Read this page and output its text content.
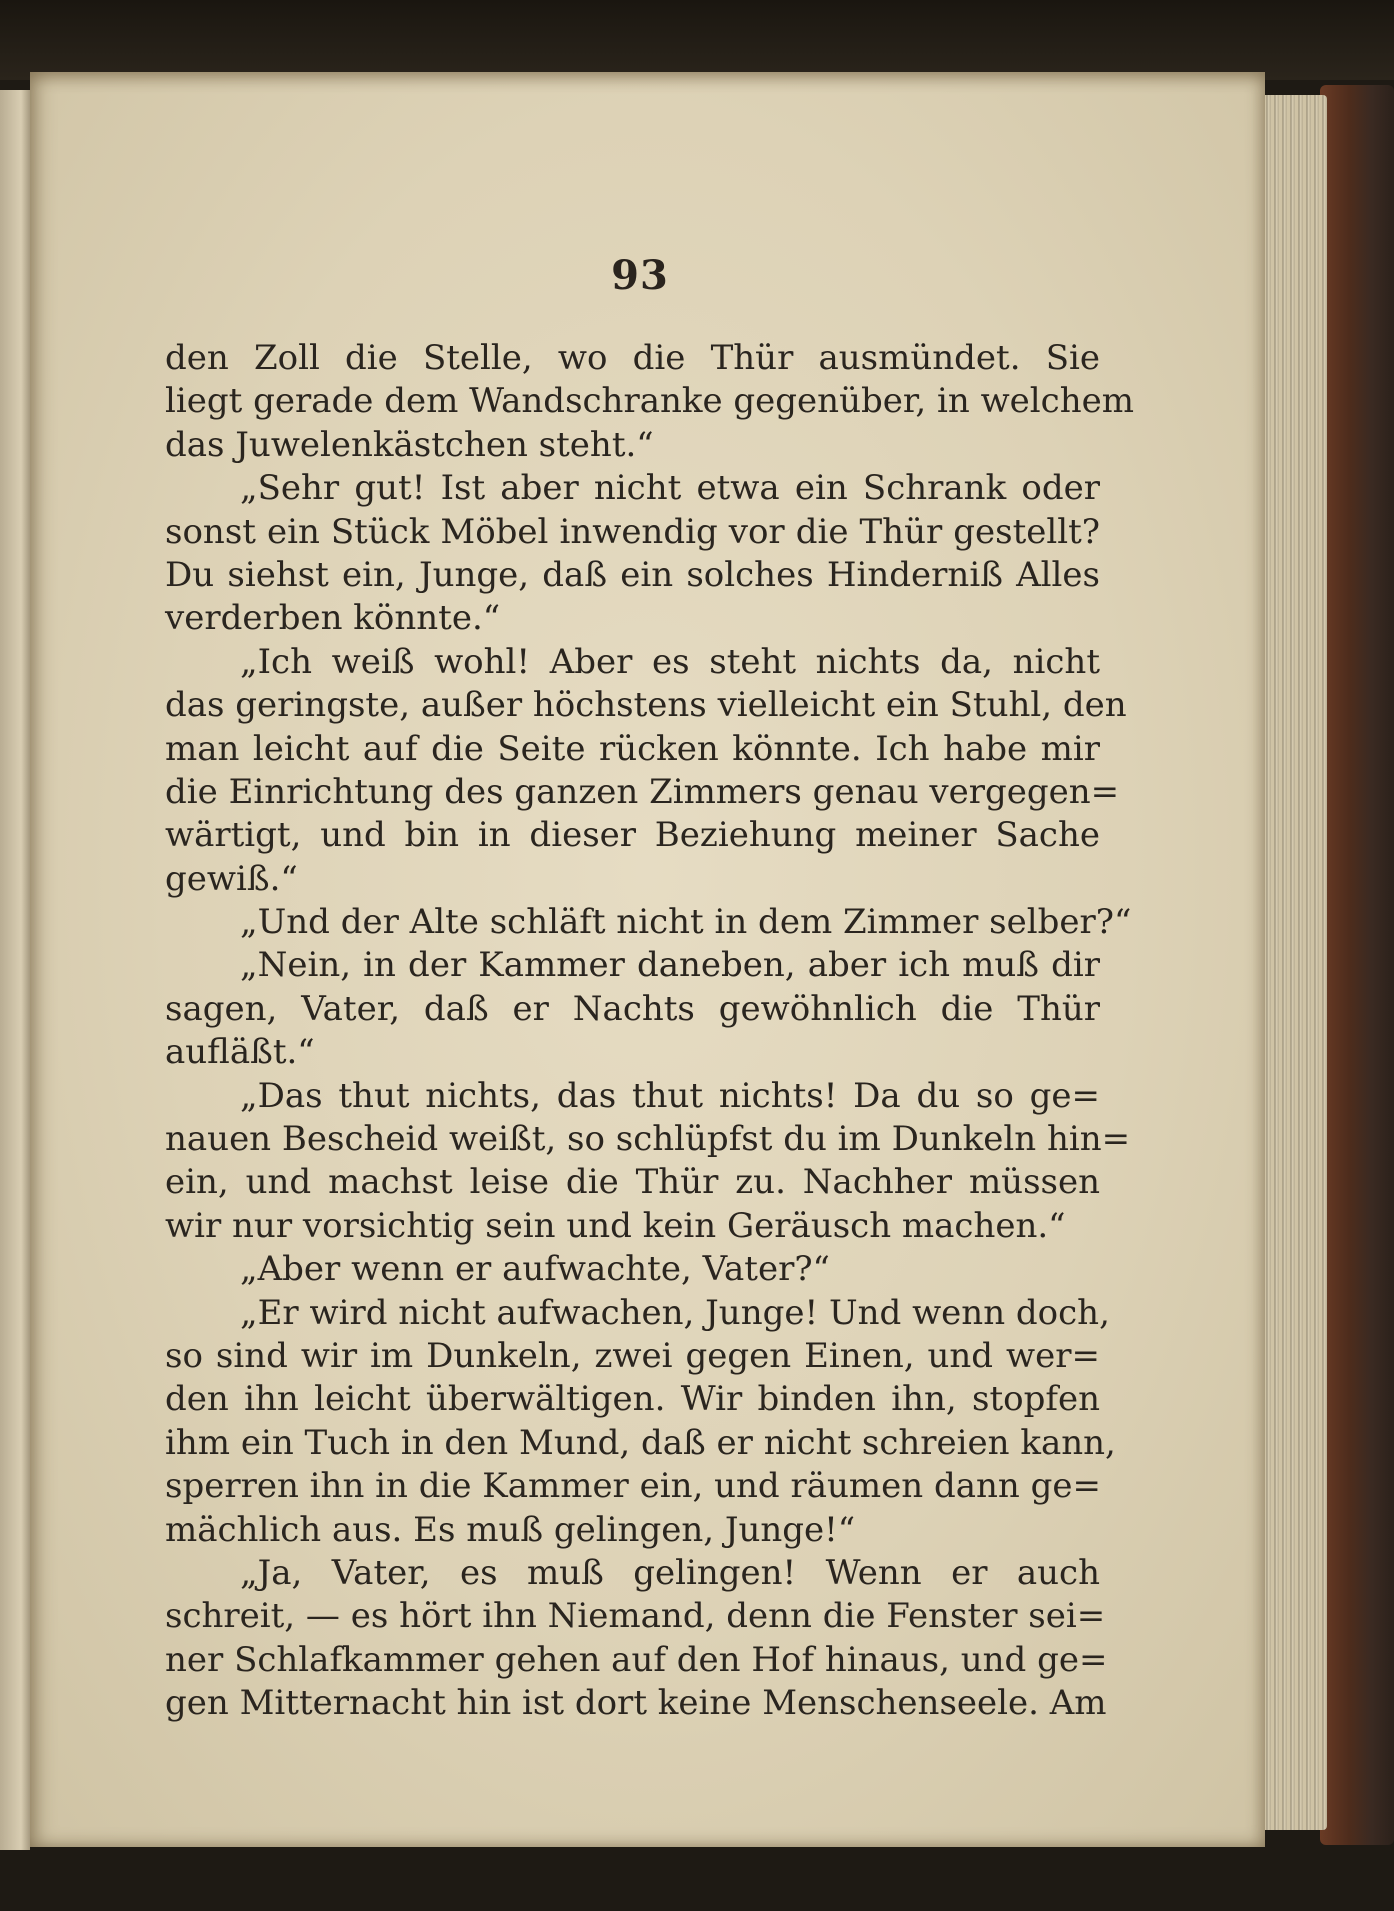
93
den Zoll die Stelle, wo die Thür ausmündet. Sie
liegt gerade dem Wandschranke gegenüber, in welchem
das Juwelenkästchen steht.“
„Sehr gut! Ist aber nicht etwa ein Schrank oder
sonst ein Stück Möbel inwendig vor die Thür gestellt?
Du siehst ein, Junge, daß ein solches Hinderniß Alles
verderben könnte.“
„Ich weiß wohl! Aber es steht nichts da, nicht
das geringste, außer höchstens vielleicht ein Stuhl, den
man leicht auf die Seite rücken könnte. Ich habe mir
die Einrichtung des ganzen Zimmers genau vergegen=
wärtigt, und bin in dieser Beziehung meiner Sache
gewiß.“
„Und der Alte schläft nicht in dem Zimmer selber?“
„Nein, in der Kammer daneben, aber ich muß dir
sagen, Vater, daß er Nachts gewöhnlich die Thür
aufläßt.“
„Das thut nichts, das thut nichts! Da du so ge=
nauen Bescheid weißt, so schlüpfst du im Dunkeln hin=
ein, und machst leise die Thür zu. Nachher müssen
wir nur vorsichtig sein und kein Geräusch machen.“
„Aber wenn er aufwachte, Vater?“
„Er wird nicht aufwachen, Junge! Und wenn doch,
so sind wir im Dunkeln, zwei gegen Einen, und wer=
den ihn leicht überwältigen. Wir binden ihn, stopfen
ihm ein Tuch in den Mund, daß er nicht schreien kann,
sperren ihn in die Kammer ein, und räumen dann ge=
mächlich aus. Es muß gelingen, Junge!“
„Ja, Vater, es muß gelingen! Wenn er auch
schreit, — es hört ihn Niemand, denn die Fenster sei=
ner Schlafkammer gehen auf den Hof hinaus, und ge=
gen Mitternacht hin ist dort keine Menschenseele. Am
